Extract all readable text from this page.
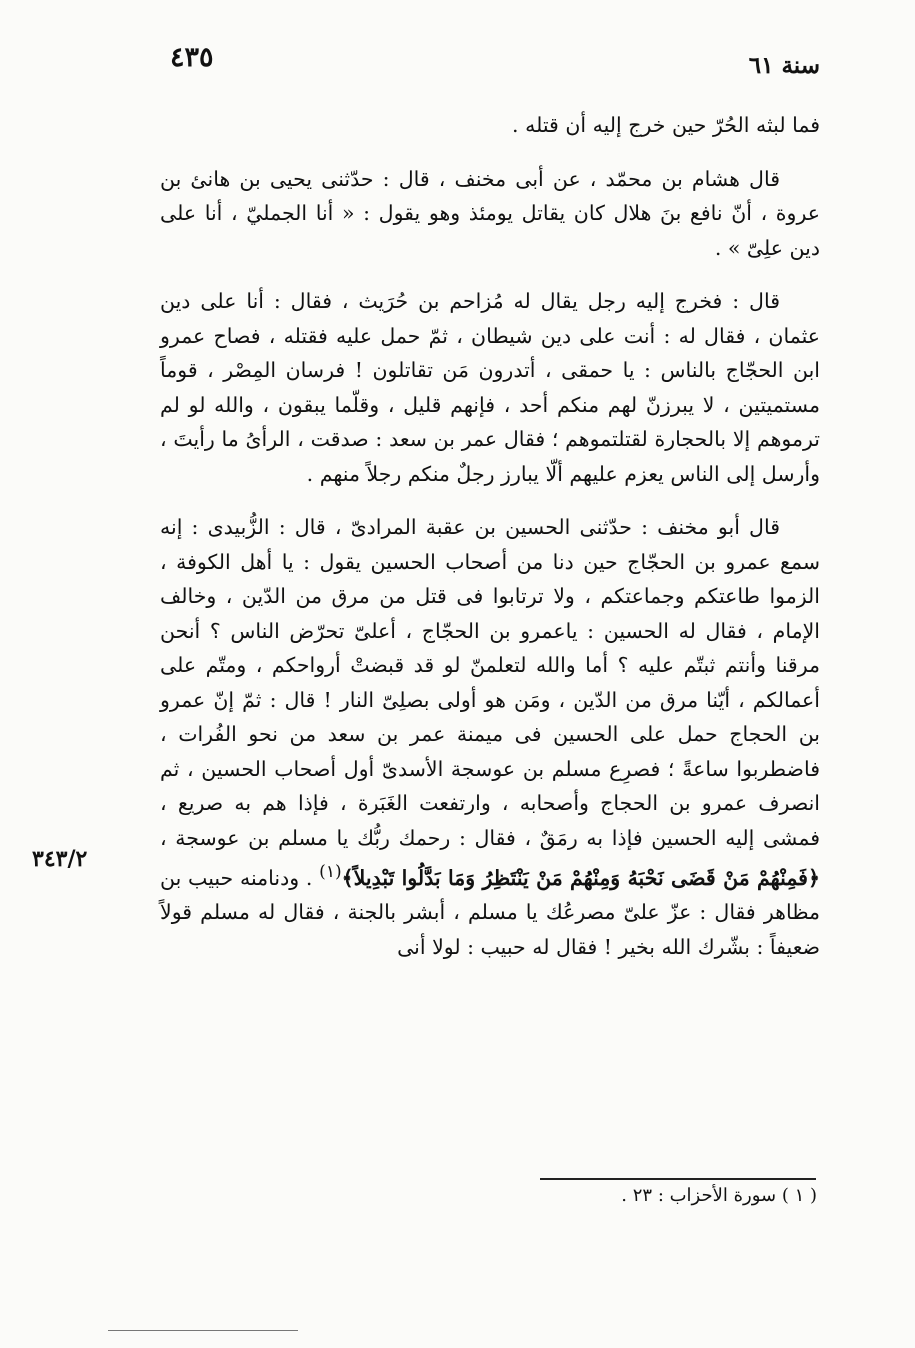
٤٣٥	سنة ٦١

فما لبثه الحُرّ حين خرج إليه أن قتله .

قال هشام بن محمّد ، عن أبى مخنف ، قال : حدّثنى يحيى بن هانئ بن عروة ، أنّ نافع بنَ هلال كان يقاتل يومئذ وهو يقول : « أنا الجمليّ ، أنا على دين علِىّ » .

قال : فخرج إليه رجل يقال له مُزاحم بن حُرَيث ، فقال : أنا على دين عثمان ، فقال له : أنت على دين شيطان ، ثمّ حمل عليه فقتله ، فصاح عمرو ابن الحجّاج بالناس : يا حمقى ، أتدرون مَن تقاتلون ! فرسان المِصْر ، قوماً مستميتين ، لا يبرزنّ لهم منكم أحد ، فإنهم قليل ، وقلّما يبقون ، والله لو لم ترموهم إلا بالحجارة لقتلتموهم ؛ فقال عمر بن سعد : صدقت ، الرأىُ ما رأيتَ ، وأرسل إلى الناس يعزم عليهم ألّا يبارز رجلٌ منكم رجلاً منهم .

قال أبو مخنف : حدّثنى الحسين بن عقبة المرادىّ ، قال : الزُّبيدى : إنه سمع عمرو بن الحجّاج حين دنا من أصحاب الحسين يقول : يا أهل الكوفة ، الزموا طاعتكم وجماعتكم ، ولا ترتابوا فى قتل من مرق من الدّين ، وخالف الإمام ، فقال له الحسين : ياعمرو بن الحجّاج ، أعلىّ تحرّض الناس ؟ أنحن مرقنا وأنتم ثبتّم عليه ؟ أما والله لتعلمنّ لو قد قبضتْ أرواحكم ، ومتّم على أعمالكم ، أيّنا مرق من الدّين ، ومَن هو أولى بصلِىّ النار ! قال : ثمّ إنّ عمرو بن الحجاج حمل على الحسين فى ميمنة عمر بن سعد من نحو الفُرات ، فاضطربوا ساعةً ؛ فصرِع مسلم بن عوسجة الأسدىّ أول أصحاب الحسين ، ثم انصرف عمرو بن الحجاج وأصحابه ، وارتفعت الغَبَرة ، فإذا هم به صريع ، فمشى إليه الحسين فإذا به رمَقٌ ، فقال : رحمك ربُّك يا مسلم بن عوسجة ، ﴿فَمِنْهُمْ مَنْ قَضَى نَحْبَهُ وَمِنْهُمْ مَنْ يَنْتَظِرُ وَمَا بَدَّلُوا تَبْدِيلاً﴾$^{(١)}$ . ودنامنه حبيب بن مظاهر فقال : عزّ علىّ مصرعُك يا مسلم ، أبشر بالجنة ، فقال له مسلم قولاً ضعيفاً : بشّرك الله بخير ! فقال له حبيب : لولا أنى

٣٤٣/٢
( ١ ) سورة الأحزاب : ٢٣ .
